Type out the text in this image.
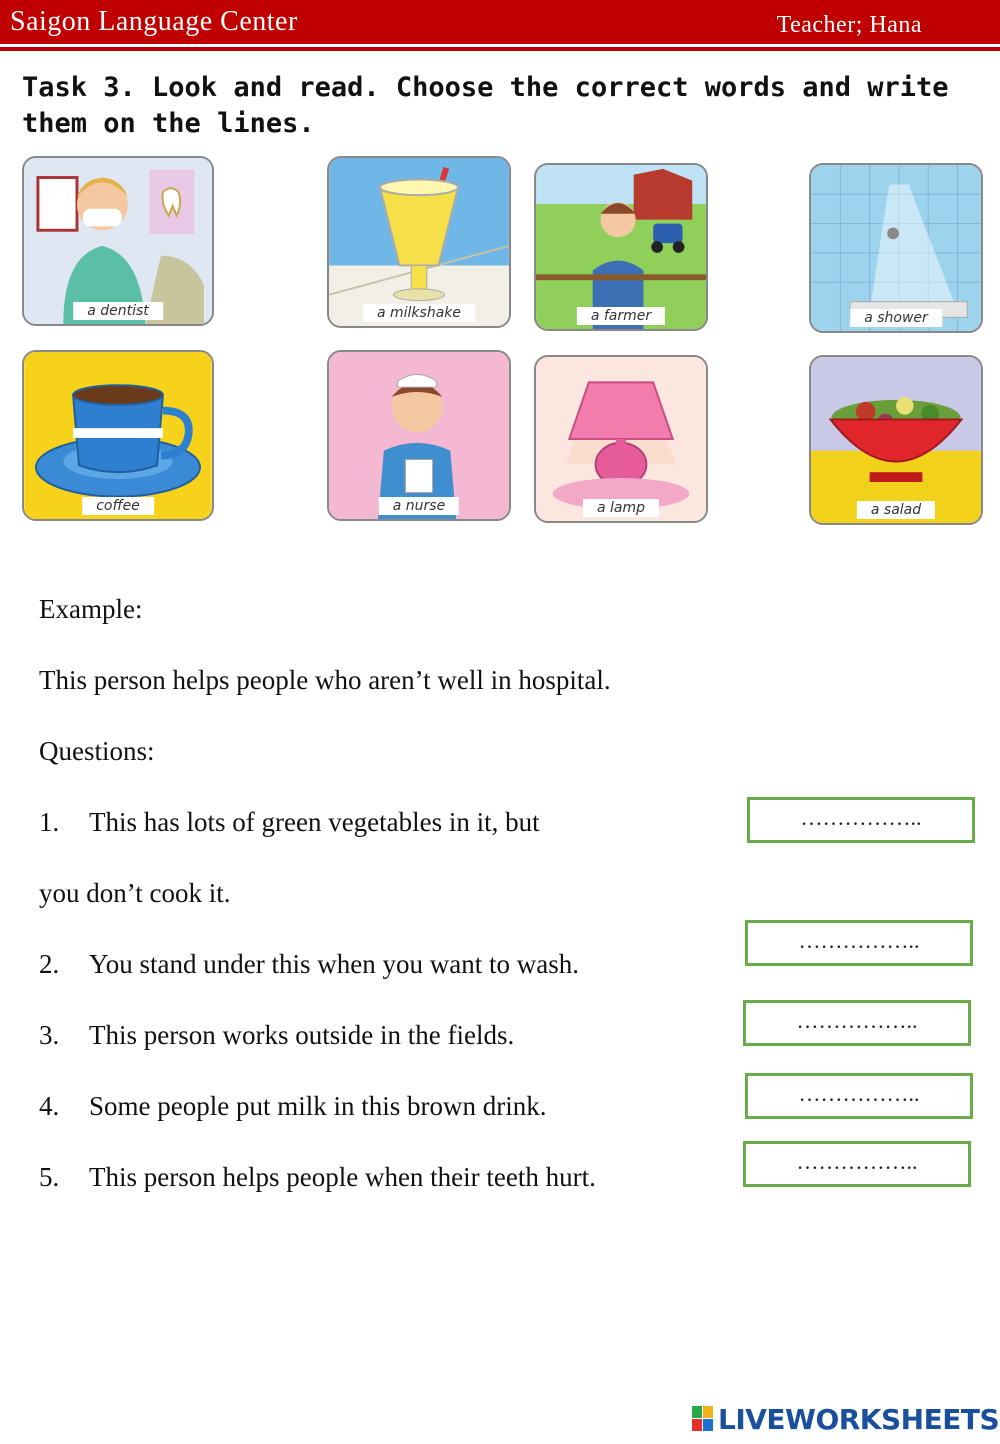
Saigon Language Center	Teacher; Hana
Task 3. Look and read. Choose the correct words and write them on the lines.
a dentist	a milkshake	a farmer	a shower
coffee	a nurse	a lamp	a salad
Example:
This person helps people who aren’t well in hospital.
Questions:
1. This has lots of green vegetables in it, but
you don’t cook it.
……………..
2. You stand under this when you want to wash.
……………..
3. This person works outside in the fields.	……………..
4. Some people put milk in this brown drink.	……………..
5. This person helps people when their teeth hurt.
……………..
LIVEWORKSHEETS
